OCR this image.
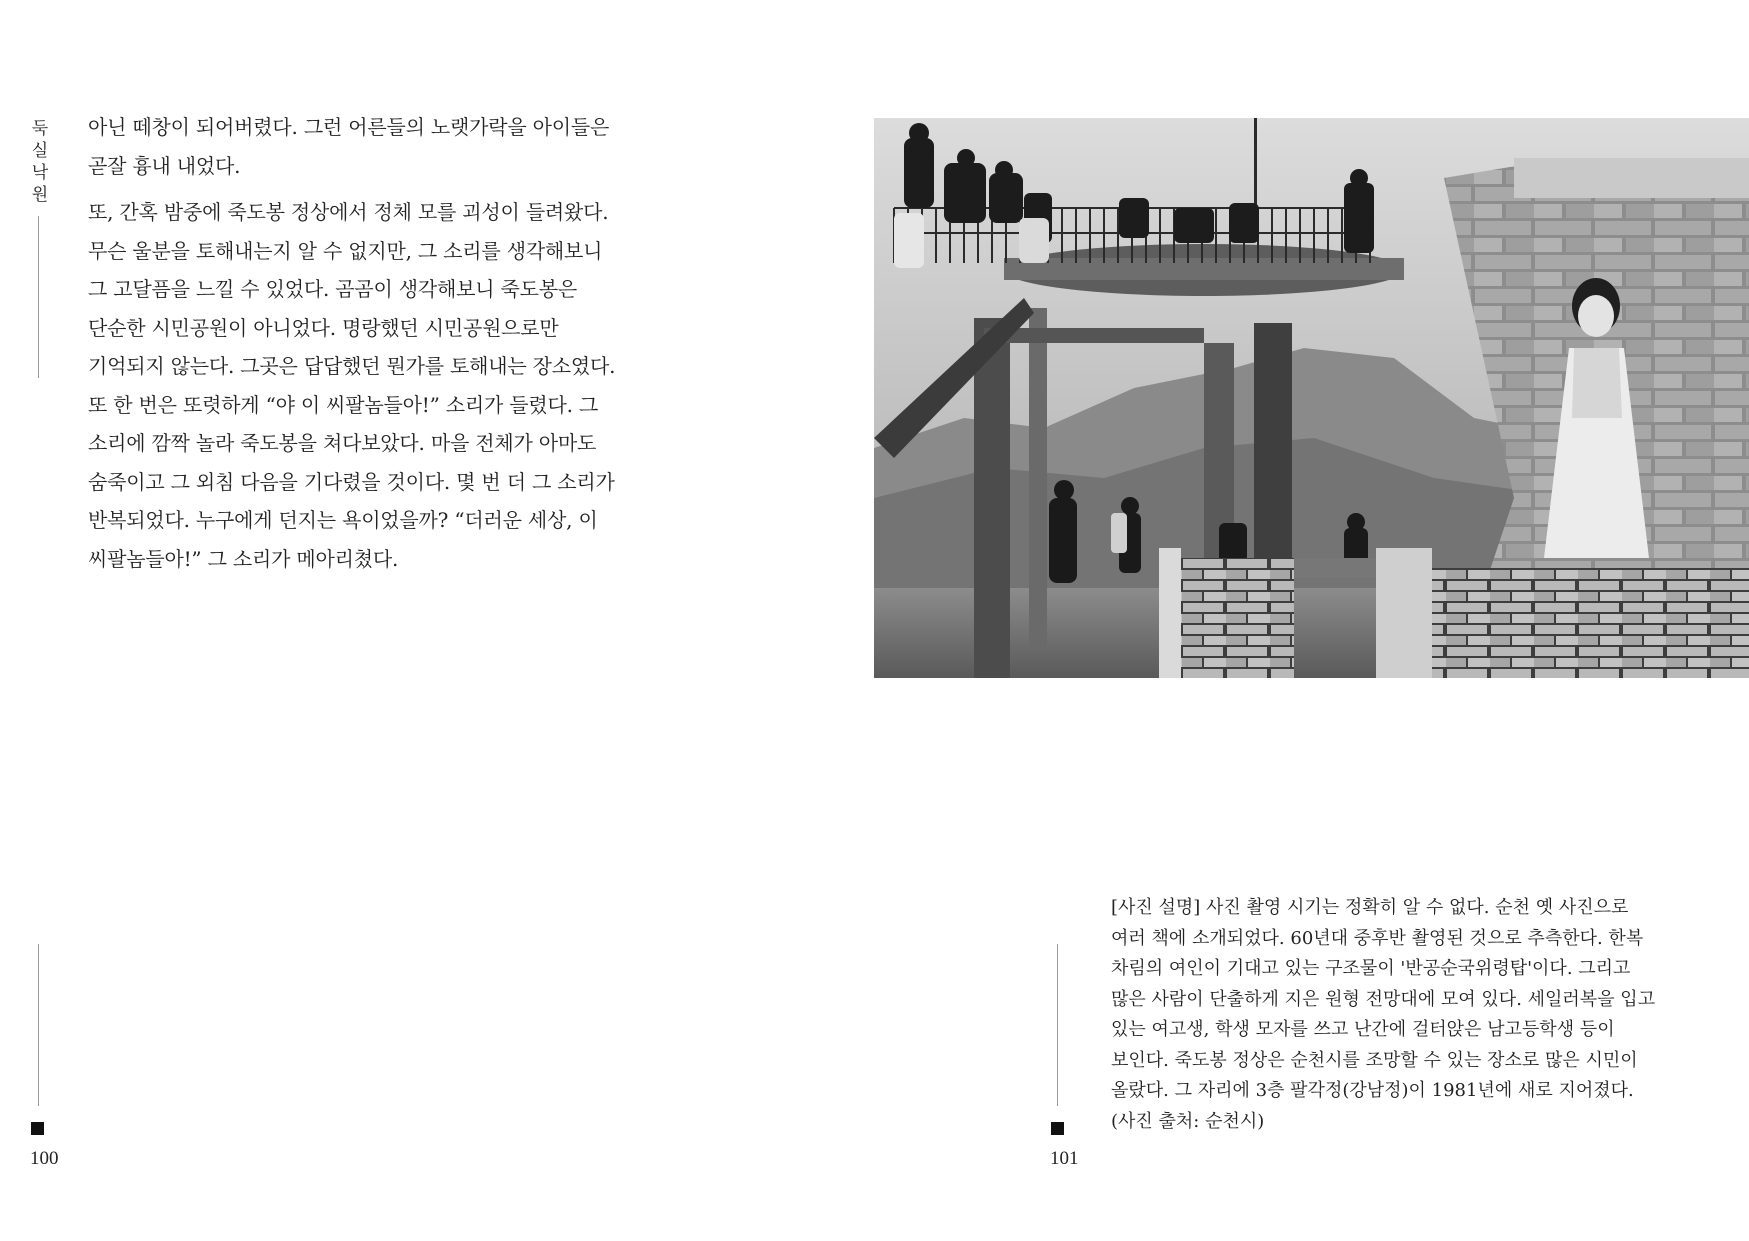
둑
실
낙
원

아닌 떼창이 되어버렸다. 그런 어른들의 노랫가락을 아이들은

곧잘 흉내 내었다.

또, 간혹 밤중에 죽도봉 정상에서 정체 모를 괴성이 들려왔다.

무슨 울분을 토해내는지 알 수 없지만, 그 소리를 생각해보니

그 고달픔을 느낄 수 있었다. 곰곰이 생각해보니 죽도봉은

단순한 시민공원이 아니었다. 명랑했던 시민공원으로만

기억되지 않는다. 그곳은 답답했던 뭔가를 토해내는 장소였다.

또 한 번은 또렷하게 “야 이 씨팔놈들아!” 소리가 들렸다. 그

소리에 깜짝 놀라 죽도봉을 쳐다보았다. 마을 전체가 아마도

숨죽이고 그 외침 다음을 기다렸을 것이다. 몇 번 더 그 소리가

반복되었다. 누구에게 던지는 욕이었을까? “더러운 세상, 이

씨팔놈들아!” 그 소리가 메아리쳤다.

100

[사진 설명] 사진 촬영 시기는 정확히 알 수 없다. 순천 옛 사진으로

여러 책에 소개되었다. 60년대 중후반 촬영된 것으로 추측한다. 한복

차림의 여인이 기대고 있는 구조물이 '반공순국위령탑'이다. 그리고

많은 사람이 단출하게 지은 원형 전망대에 모여 있다. 세일러복을 입고

있는 여고생, 학생 모자를 쓰고 난간에 걸터앉은 남고등학생 등이

보인다. 죽도봉 정상은 순천시를 조망할 수 있는 장소로 많은 시민이

올랐다. 그 자리에 3층 팔각정(강남정)이 1981년에 새로 지어졌다.

(사진 출처: 순천시)

101
